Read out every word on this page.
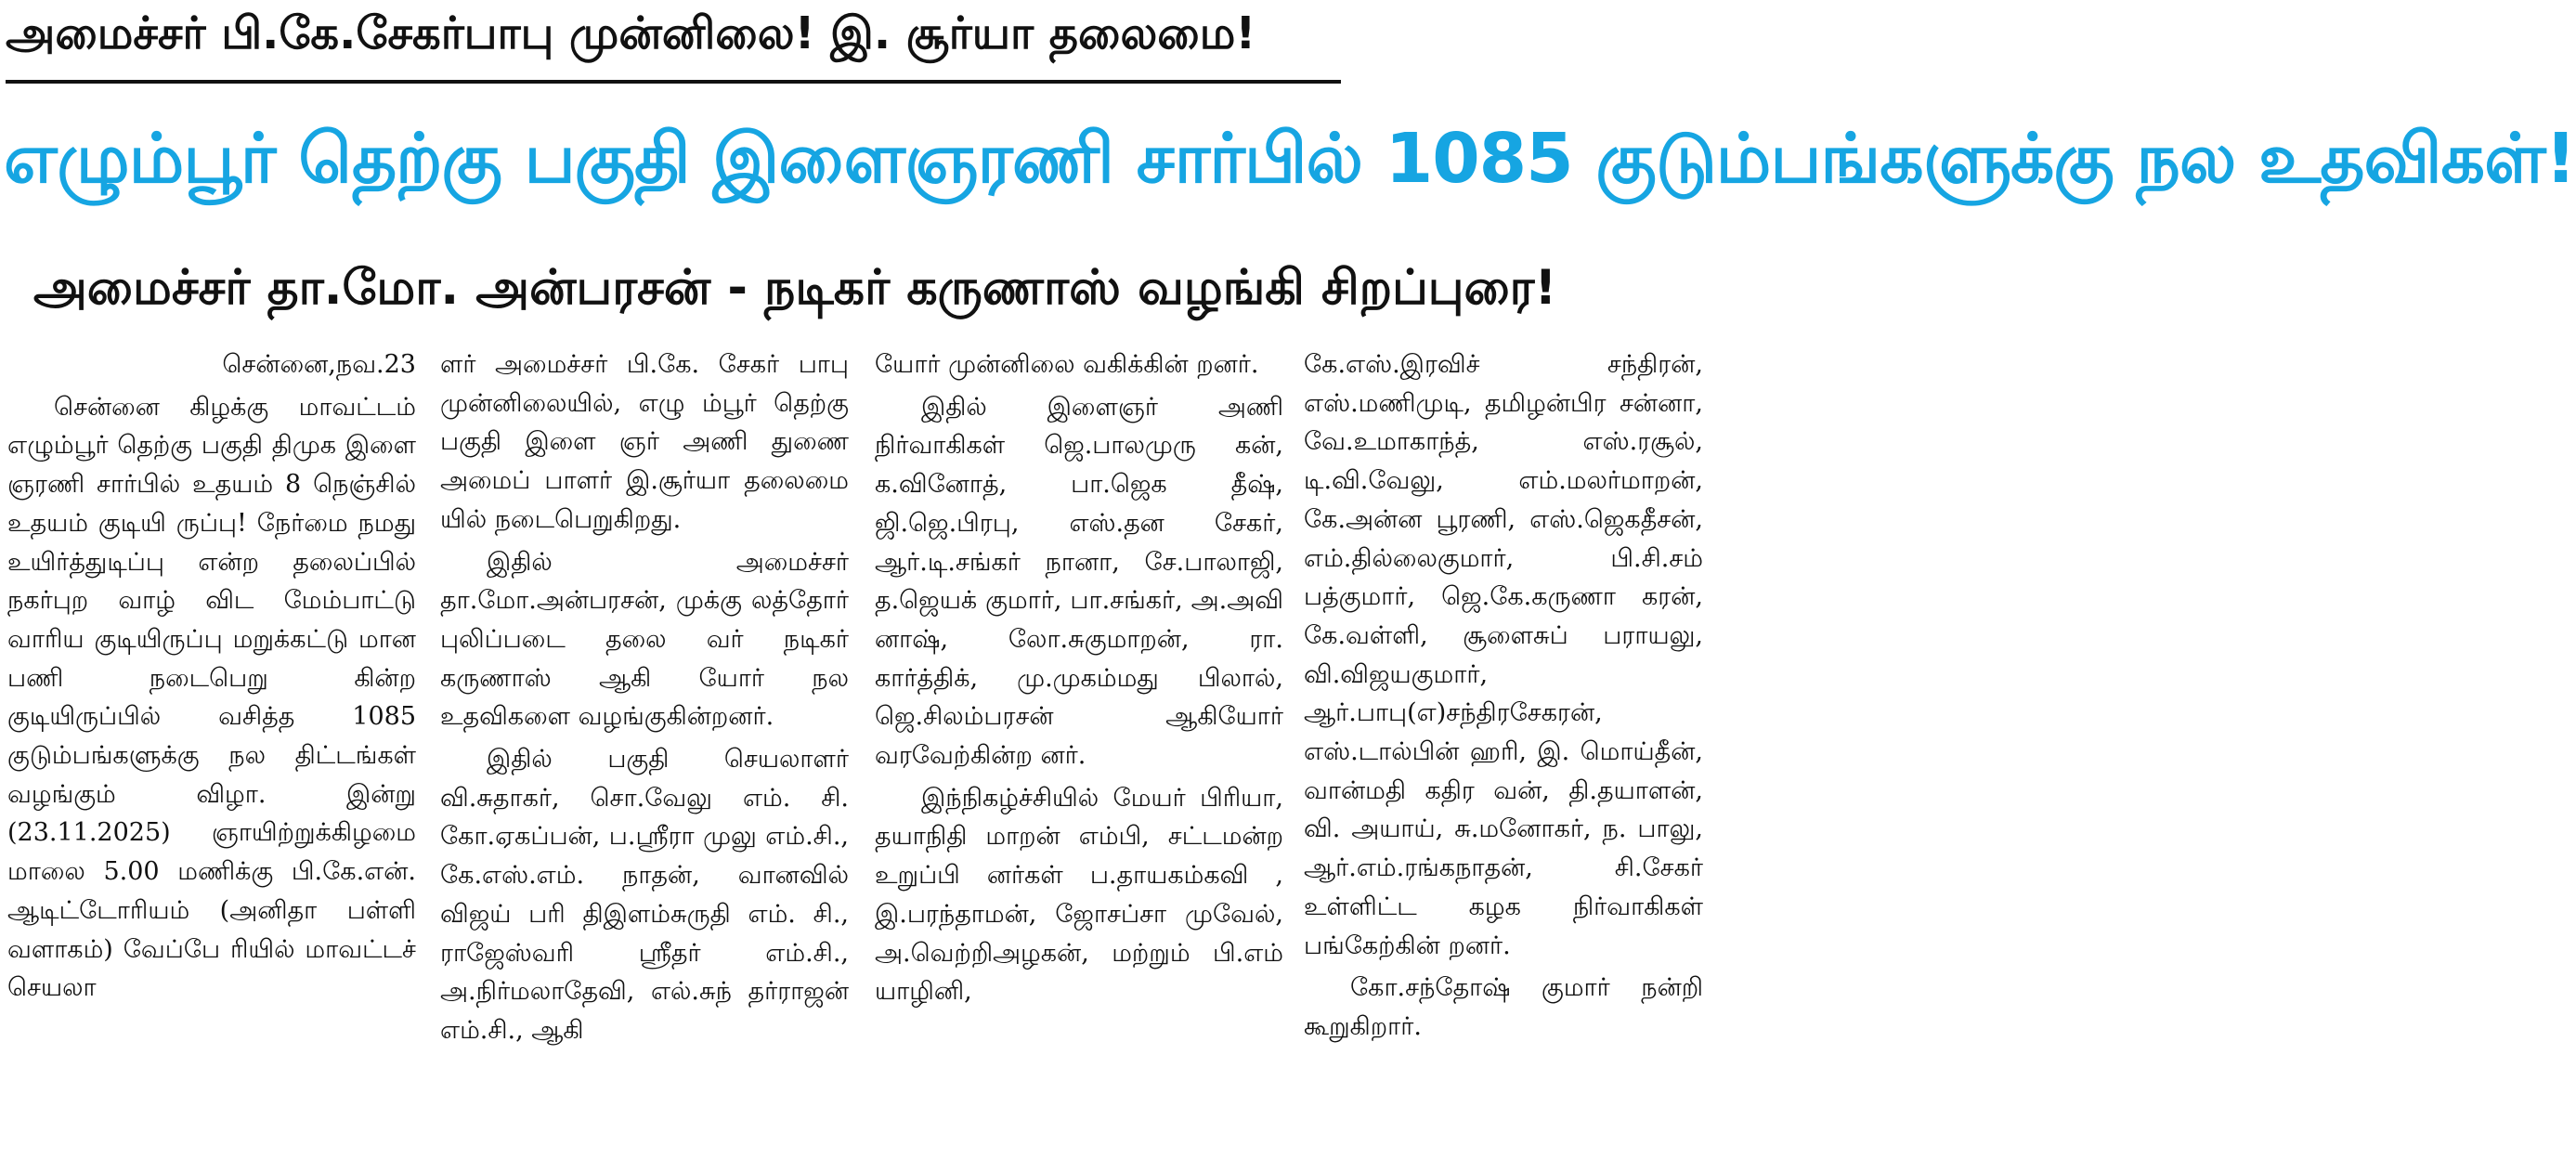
அமைச்சர் பி.கே.சேகர்பாபு முன்னிலை! இ. சூர்யா தலைமை!
எழும்பூர் தெற்கு பகுதி இளைஞரணி சார்பில் 1085 குடும்பங்களுக்கு நல உதவிகள்!
அமைச்சர் தா.மோ. அன்பரசன் - நடிகர் கருணாஸ் வழங்கி சிறப்புரை!

சென்னை,நவ.23

சென்னை கிழக்கு மாவட்டம் எழும்பூர் தெற்கு பகுதி திமுக இளை ஞரணி சார்பில் உதயம் 8 நெஞ்சில் உதயம் குடியி ருப்பு! நேர்மை நமது உயிர்த்துடிப்பு என்ற தலைப்பில் நகர்புற வாழ் விட மேம்பாட்டு வாரிய குடியிருப்பு மறுக்கட்டு மான பணி நடைபெறு கின்ற குடியிருப்பில் வசித்த 1085 குடும்பங்களுக்கு நல திட்டங்கள் வழங்கும் விழா. இன்று (23.11.2025) ஞாயிற்றுக்கிழமை மாலை 5.00 மணிக்கு பி.கே.என். ஆடிட்டோரியம் (அனிதா பள்ளி வளாகம்) வேப்பே ரியில் மாவட்டச் செயலா

ளர் அமைச்சர் பி.கே. சேகர் பாபு முன்னிலையில், எழு ம்பூர் தெற்கு பகுதி இளை ஞர் அணி துணை அமைப் பாளர் இ.சூர்யா தலைமை யில் நடைபெறுகிறது.

இதில் அமைச்சர் தா.மோ.அன்பரசன், முக்கு லத்தோர் புலிப்படை தலை வர் நடிகர் கருணாஸ் ஆகி யோர் நல உதவிகளை வழங்குகின்றனர்.

இதில் பகுதி செயலாளர் வி.சுதாகர், சொ.வேலு எம். சி. கோ.ஏகப்பன், ப.ஸ்ரீரா முலு எம்.சி., கே.எஸ்.எம். நாதன், வானவில் விஜய் பரி திஇளம்சுருதி எம். சி., ராஜேஸ்வரி ஸ்ரீதர் எம்.சி., அ.நிர்மலாதேவி, எல்.சுந் தர்ராஜன் எம்.சி., ஆகி

யோர் முன்னிலை வகிக்கின் றனர்.

இதில் இளைஞர் அணி நிர்வாகிகள் ஜெ.பாலமுரு கன், க.வினோத், பா.ஜெக தீஷ், ஜி.ஜெ.பிரபு, எஸ்.தன சேகர், ஆர்.டி.சங்கர் நானா, சே.பாலாஜி, த.ஜெயக் குமார், பா.சங்கர், அ.அவி னாஷ், லோ.சுகுமாறன், ரா. கார்த்திக், மு.முகம்மது பிலால், ஜெ.சிலம்பரசன் ஆகியோர் வரவேற்கின்ற னர்.

இந்நிகழ்ச்சியில் மேயர் பிரியா, தயாநிதி மாறன் எம்பி, சட்டமன்ற உறுப்பி னர்கள் ப.தாயகம்கவி , இ.பரந்தாமன், ஜோசப்சா முவேல், அ.வெற்றிஅழகன், மற்றும் பி.எம் யாழினி,

கே.எஸ்.இரவிச் சந்திரன், எஸ்.மணிமுடி, தமிழன்பிர சன்னா, வே.உமாகாந்த், எஸ்.ரசூல், டி.வி.வேலு, எம்.மலர்மாறன், கே.அன்ன பூரணி, எஸ்.ஜெகதீசன், எம்.தில்லைகுமார், பி.சி.சம் பத்குமார், ஜெ.கே.கருணா கரன், கே.வள்ளி, சூளைசுப் பராயலு, வி.விஜயகுமார், ஆர்.பாபு(எ)சந்திரசேகரன், எஸ்.டால்பின் ஹரி, இ. மொய்தீன், வான்மதி கதிர வன், தி.தயாளன், வி. அயாய், சு.மனோகர், ந. பாலு, ஆர்.எம்.ரங்கநாதன், சி.சேகர் உள்ளிட்ட கழக நிர்வாகிகள் பங்கேற்கின் றனர்.

கோ.சந்தோஷ் குமார் நன்றி கூறுகிறார்.
